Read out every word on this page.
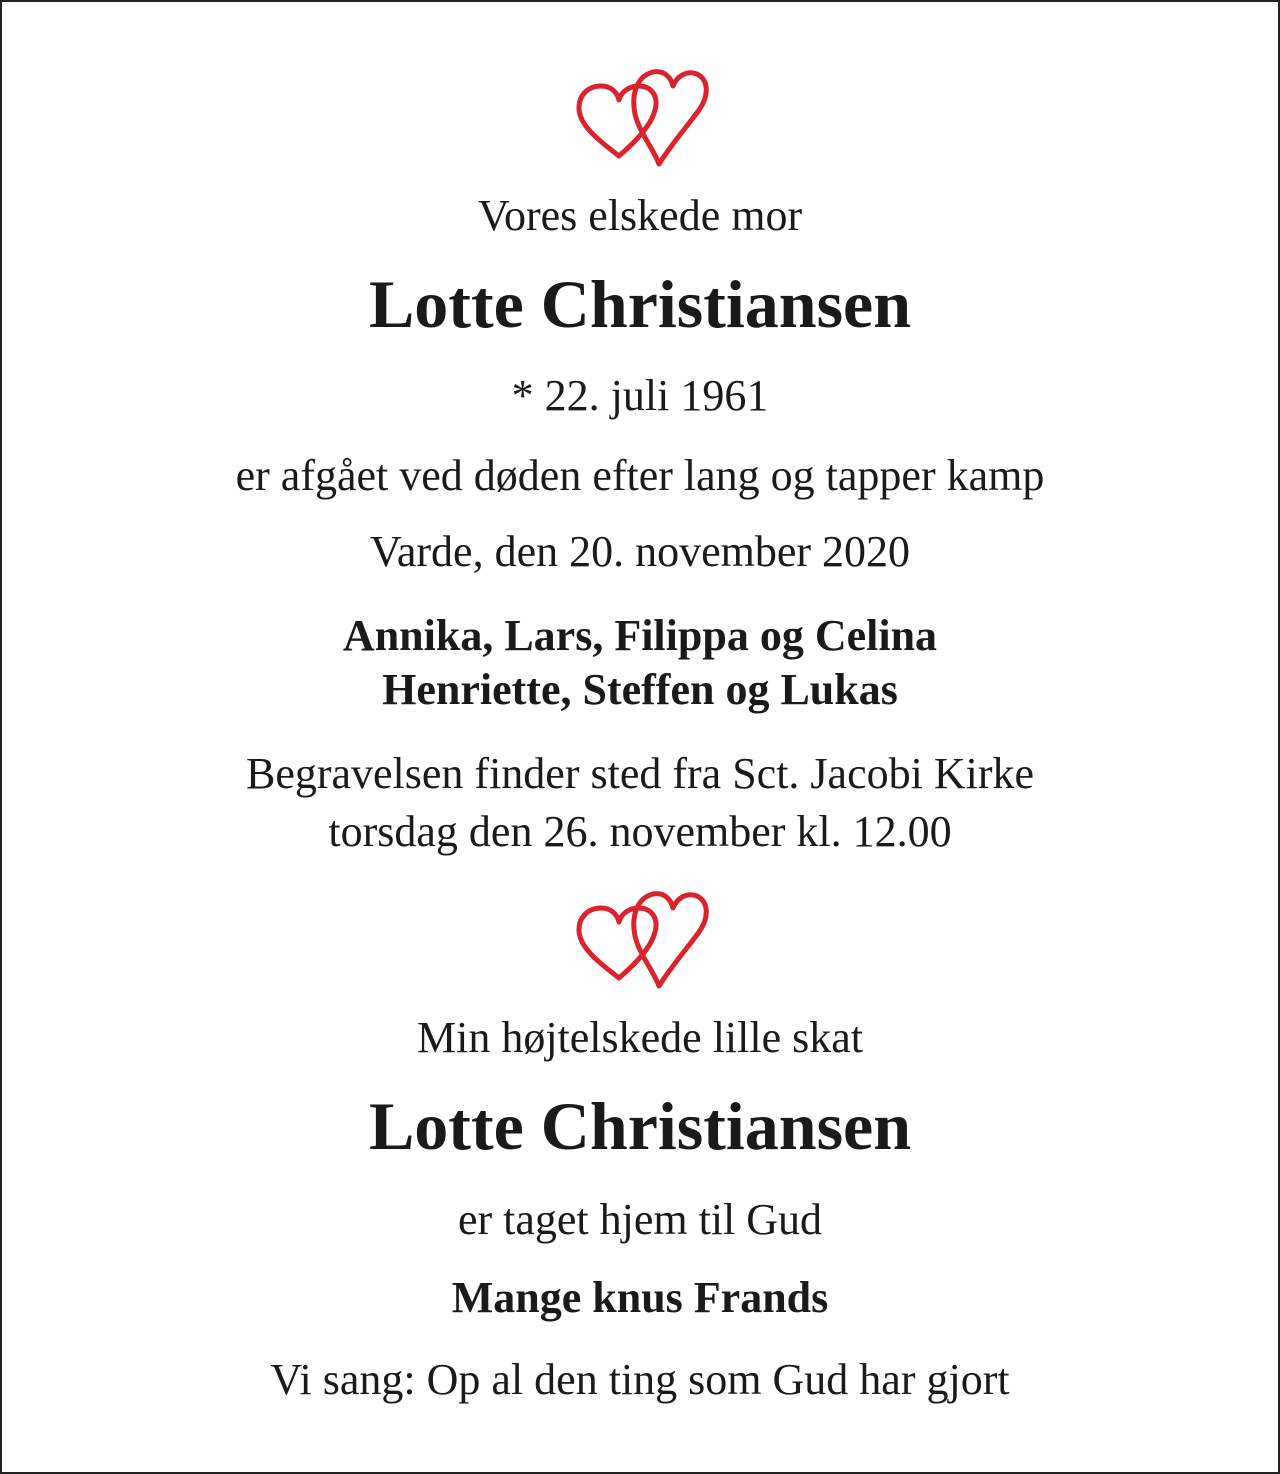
Vores elskede mor
Lotte Christiansen
* 22. juli 1961
er afgået ved døden efter lang og tapper kamp
Varde, den 20. november 2020
Annika, Lars, Filippa og Celina
Henriette, Steffen og Lukas
Begravelsen finder sted fra Sct. Jacobi Kirke
torsdag den 26. november kl. 12.00
Min højtelskede lille skat
Lotte Christiansen
er taget hjem til Gud
Mange knus Frands
Vi sang: Op al den ting som Gud har gjort
